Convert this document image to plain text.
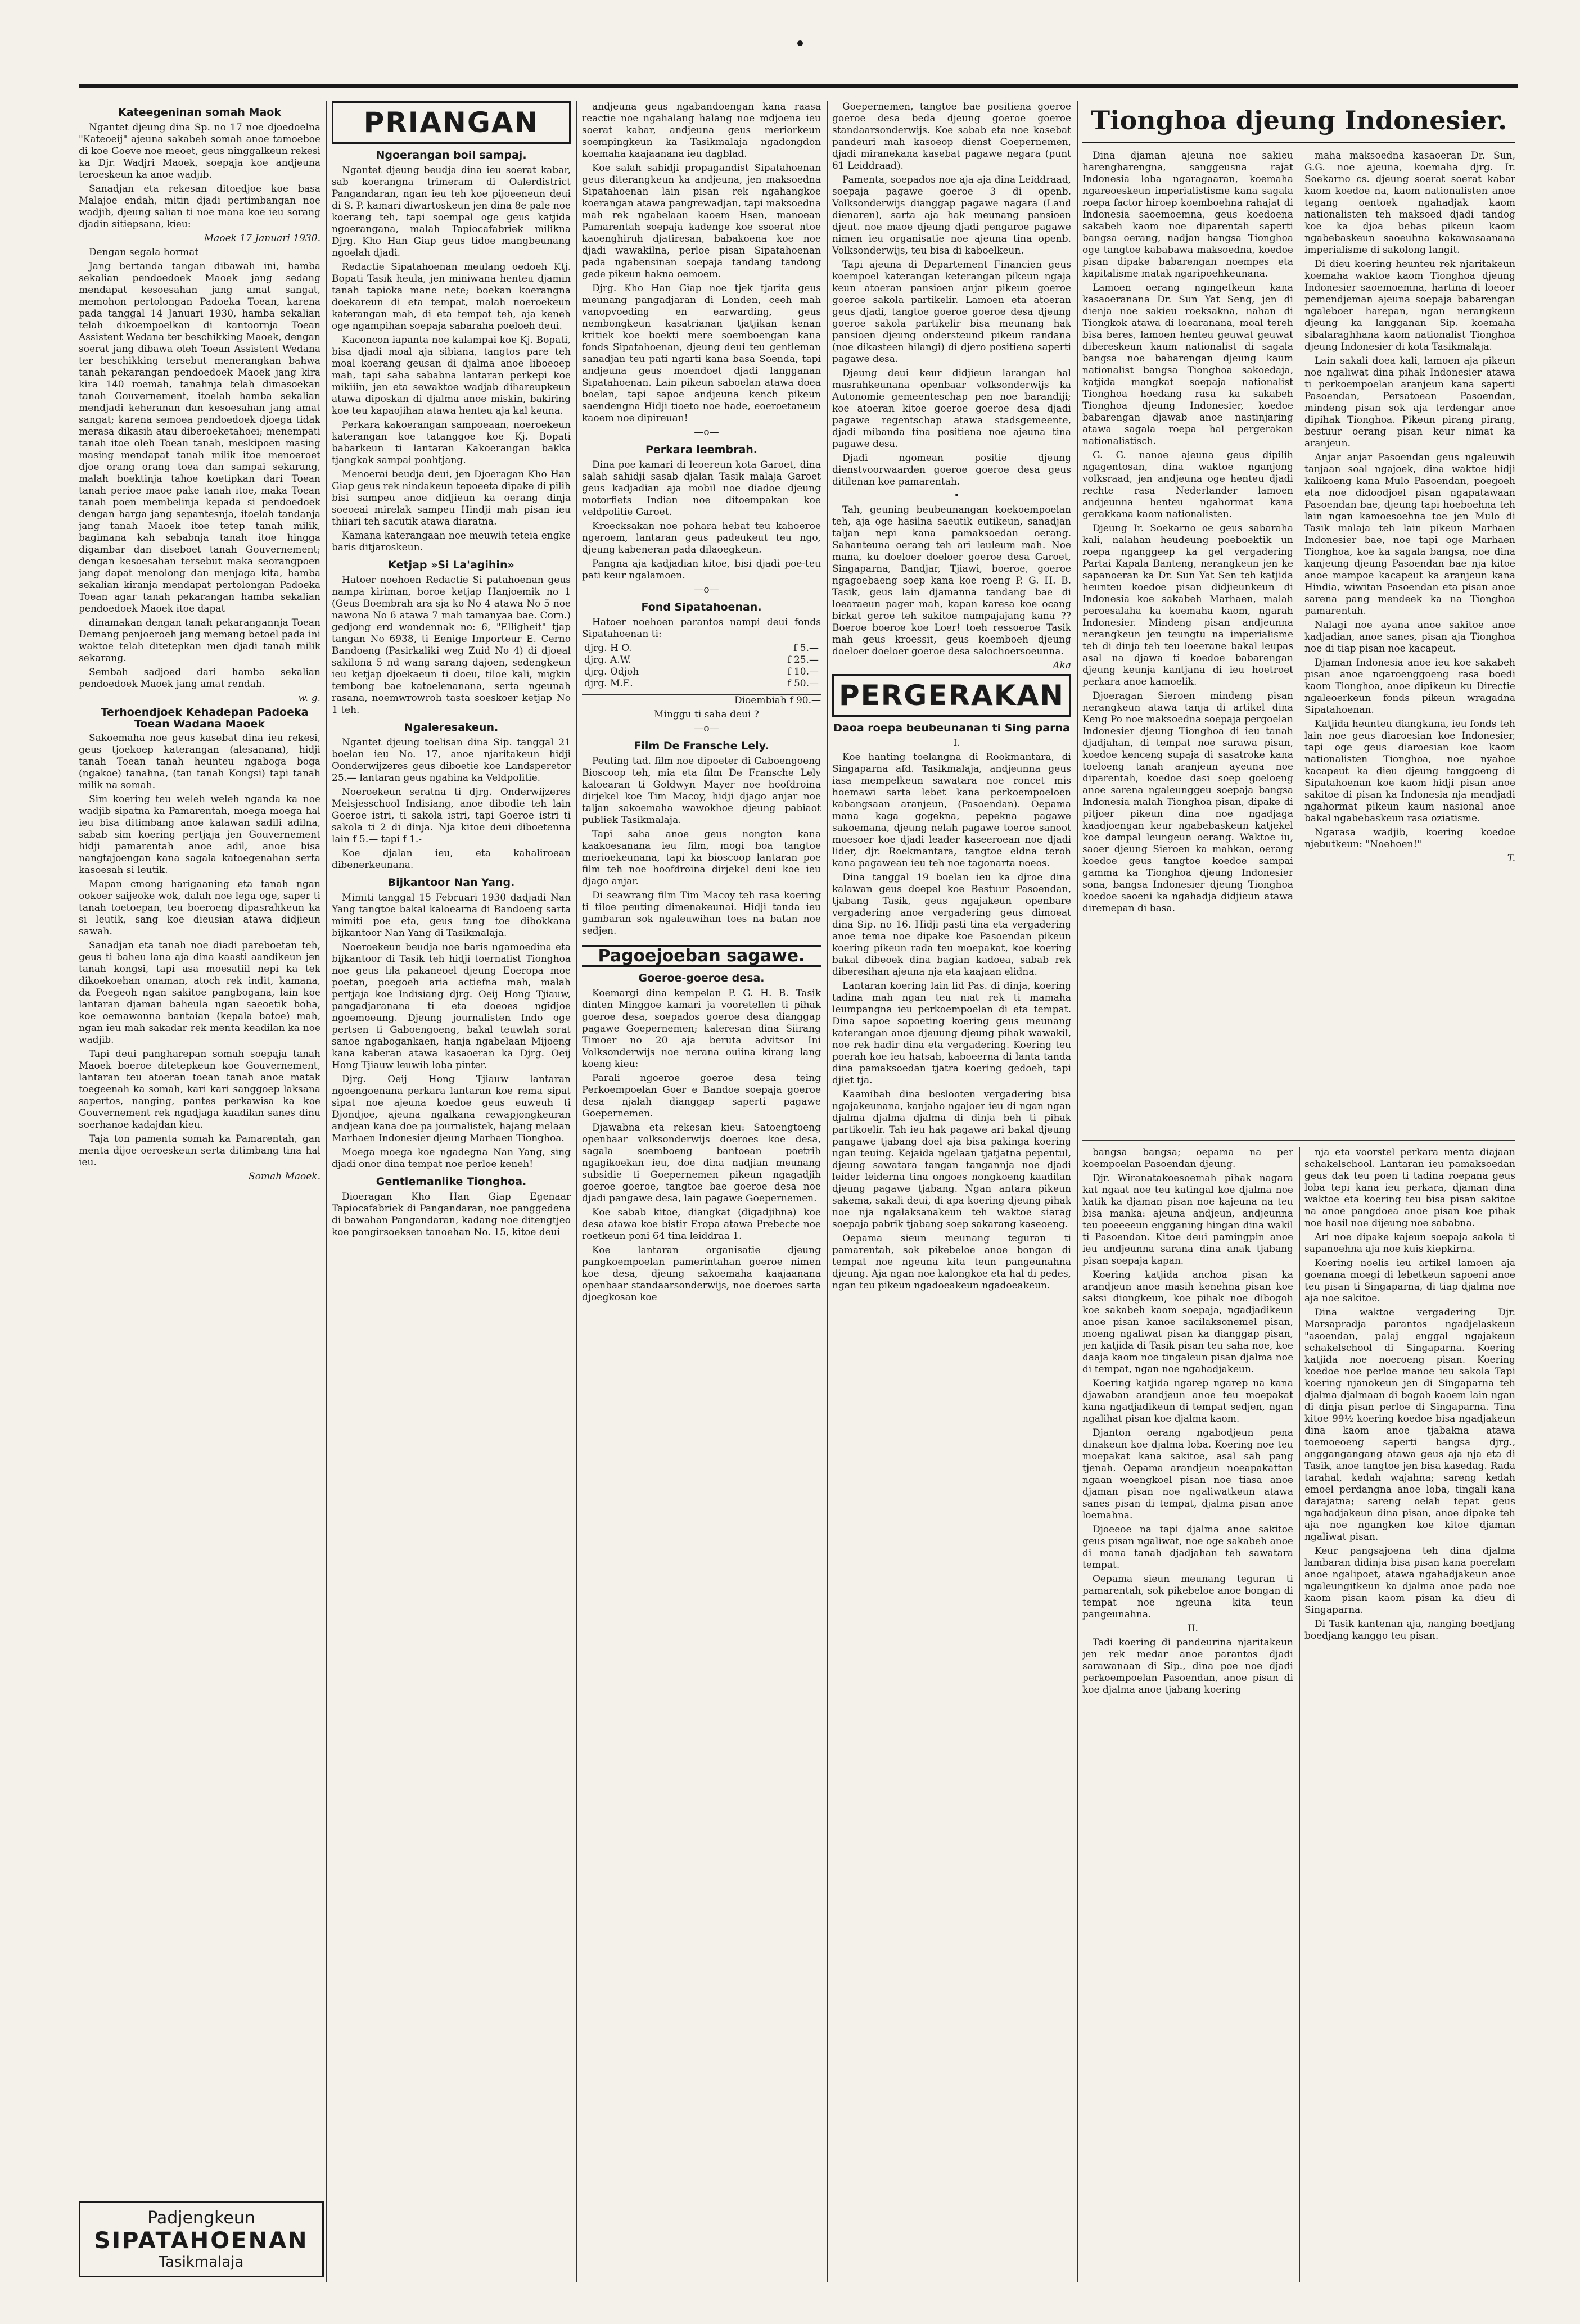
Kateegeninan somah Maok

Ngantet djeung dina Sp. no 17 noe djoedoelna "Kateoeij" ajeuna sakabeh somah anoe tamoeboe di koe Goeve noe meoet, geus ninggalkeun rekesi ka Djr. Wadjri Maoek, soepaja koe andjeuna teroeskeun ka anoe wadjib.

Sanadjan eta rekesan ditoedjoe koe basa Malajoe endah, mitin djadi pertimbangan noe wadjib, djeung salian ti noe mana koe ieu sorang djadin sitiepsana, kieu:

Maoek 17 Januari 1930.

Dengan segala hormat

Jang bertanda tangan dibawah ini, hamba sekalian pendoedoek Maoek jang sedang mendapat kesoesahan jang amat sangat, memohon pertolongan Padoeka Toean, karena pada tanggal 14 Januari 1930, hamba sekalian telah dikoempoelkan di kantoornja Toean Assistent Wedana ter beschikking Maoek, dengan soerat jang dibawa oleh Toean Assistent Wedana ter beschikking tersebut menerangkan bahwa tanah pekarangan pendoedoek Maoek jang kira kira 140 roemah, tanahnja telah dimasoekan tanah Gouvernement, itoelah hamba sekalian mendjadi keheranan dan kesoesahan jang amat sangat; karena semoea pendoedoek djoega tidak merasa dikasih atau diberoeketahoei; menempati tanah itoe oleh Toean tanah, meskipoen masing masing mendapat tanah milik itoe menoeroet djoe orang orang toea dan sampai sekarang, malah boektinja tahoe koetipkan dari Toean tanah perioe maoe pake tanah itoe, maka Toean tanah poen membelinja kepada si pendoedoek dengan harga jang sepantesnja, itoelah tandanja jang tanah Maoek itoe tetep tanah milik, bagimana kah sebabnja tanah itoe hingga digambar dan diseboet tanah Gouvernement; dengan kesoesahan tersebut maka seorangpoen jang dapat menolong dan menjaga kita, hamba sekalian kiranja mendapat pertolongan Padoeka Toean agar tanah pekarangan hamba sekalian pendoedoek Maoek itoe dapat

dinamakan dengan tanah pekarangannja Toean Demang penjoeroeh jang memang betoel pada ini waktoe telah ditetepkan men djadi tanah milik sekarang.

Sembah sadjoed dari hamba sekalian pendoedoek Maoek jang amat rendah.

w. g.

Terhoendjoek Kehadepan Padoeka Toean Wadana Maoek

Sakoemaha noe geus kasebat dina ieu rekesi, geus tjoekoep katerangan (alesanana), hidji tanah Toean tanah heunteu ngaboga boga (ngakoe) tanahna, (tan tanah Kongsi) tapi tanah milik na somah.

Sim koering teu weleh weleh nganda ka noe wadjib sipatna ka Pamarentah, moega moega hal ieu bisa ditimbang anoe kalawan sadili adilna, sabab sim koering pertjaja jen Gouvernement hidji pamarentah anoe adil, anoe bisa nangtajoengan kana sagala katoegenahan serta kasoesah si leutik.

Mapan cmong harigaaning eta tanah ngan ookoer saijeoke wok, dalah noe lega oge, saper ti tanah toetoepan, teu boeroeng dipasrahkeun ka si leutik, sang koe dieusian atawa didjieun sawah.

Sanadjan eta tanah noe diadi pareboetan teh, geus ti baheu lana aja dina kaasti aandikeun jen tanah kongsi, tapi asa moesatiil nepi ka tek dikoekoehan onaman, atoch rek indit, kamana, da Poegeoh ngan sakitoe pangbogana, lain koe lantaran djaman baheula ngan saeoetik boha, koe oemawonna bantaian (kepala batoe) mah, ngan ieu mah sakadar rek menta keadilan ka noe wadjib.

Tapi deui pangharepan somah soepaja tanah Maoek boeroe ditetepkeun koe Gouvernement, lantaran teu atoeran toean tanah anoe matak toegeenah ka somah, kari kari sanggoep laksana sapertos, nanging, pantes perkawisa ka koe Gouvernement rek ngadjaga kaadilan sanes dinu soerhanoe kadajdan kieu.

Taja ton pamenta somah ka Pamarentah, gan menta dijoe oeroeskeun serta ditimbang tina hal ieu.

Somah Maoek.

Padjengkeun
SIPATAHOENAN
Tasikmalaja
PRIANGAN
Ngoerangan boil sampaj.

Ngantet djeung beudja dina ieu soerat kabar, sab koerangna trimeram di Oalerdistrict Pangandaran, ngan ieu teh koe pijoeeneun deui di S. P. kamari diwartoskeun jen dina 8e pale noe koerang teh, tapi soempal oge geus katjida ngoerangana, malah Tapiocafabriek milikna Djrg. Kho Han Giap geus tidoe mangbeunang ngoelah djadi.

Redactie Sipatahoenan meulang oedoeh Ktj. Bopati Tasik heula, jen miniwana henteu djamin tanah tapioka mane nete; boekan koerangna doekareun di eta tempat, malah noeroekeun katerangan mah, di eta tempat teh, aja keneh oge ngampihan soepaja sabaraha poeloeh deui.

Kaconcon iapanta noe kalampai koe Kj. Bopati, bisa djadi moal aja sibiana, tangtos pare teh moal koerang geusan di djalma anoe liboeoep mah, tapi saha sababna lantaran perkepi koe mikiiin, jen eta sewaktoe wadjab dihareupkeun atawa diposkan di djalma anoe miskin, bakiring koe teu kapaojihan atawa henteu aja kal keuna.

Perkara kakoerangan sampoeaan, noeroekeun katerangan koe tatanggoe koe Kj. Bopati babarkeun ti lantaran Kakoerangan bakka tjangkak sampai poahtjang.

Menoerai beudja deui, jen Djoeragan Kho Han Giap geus rek nindakeun tepoeeta dipake di pilih bisi sampeu anoe didjieun ka oerang dinja soeoeai mirelak sampeu Hindji mah pisan ieu thiiari teh sacutik atawa diaratna.

Kamana katerangaan noe meuwih teteia engke baris ditjaroskeun.

Ketjap »Si La'agihin»

Hatoer noehoen Redactie Si patahoenan geus nampa kiriman, boroe ketjap Hanjoemik no 1 (Geus Boembrah ara sja ko No 4 atawa No 5 noe nawona No 6 atawa 7 mah tamanyaa bae. Corn.) gedjong erd wondennak no: 6, "Elligheit" tjap tangan No 6938, ti Eenige Importeur E. Cerno Bandoeng (Pasirkaliki weg Zuid No 4) di djoeal sakilona 5 nd wang sarang dajoen, sedengkeun ieu ketjap djoekaeun ti doeu, tiloe kali, migkin tembong bae katoelenanana, serta ngeunah rasana, noemwrowroh tasta soeskoer ketjap No 1 teh.

Ngaleresakeun.

Ngantet djeung toelisan dina Sip. tanggal 21 boelan ieu No. 17, anoe njaritakeun hidji Oonderwijzeres geus diboetie koe Landsperetor 25.— lantaran geus ngahina ka Veldpolitie.

Noeroekeun seratna ti djrg. Onderwijzeres Meisjesschool Indisiang, anoe dibodie teh lain Goeroe istri, ti sakola istri, tapi Goeroe istri ti sakola ti 2 di dinja. Nja kitoe deui diboetenna lain f 5.— tapi f 1.-

Koe djalan ieu, eta kahaliroean dibenerkeunana.

Bijkantoor Nan Yang.

Mimiti tanggal 15 Februari 1930 dadjadi Nan Yang tangtoe bakal kaloearna di Bandoeng sarta mimiti poe eta, geus tang toe dibokkana bijkantoor Nan Yang di Tasikmalaja.

Noeroekeun beudja noe baris ngamoedina eta bijkantoor di Tasik teh hidji toernalist Tionghoa noe geus lila pakaneoel djeung Eoeropa moe poetan, poegoeh aria actiefna mah, malah pertjaja koe Indisiang djrg. Oeij Hong Tjiauw, pangadjaranana ti eta doeoes ngidjoe ngoemoeung. Djeung journalisten Indo oge pertsen ti Gaboengoeng, bakal teuwlah sorat sanoe ngabogankaen, hanja ngabelaan Mijoeng kana kaberan atawa kasaoeran ka Djrg. Oeij Hong Tjiauw leuwih loba pinter.

Djrg. Oeij Hong Tjiauw lantaran ngoengoenana perkara lantaran koe rema sipat sipat noe ajeuna koedoe geus euweuh ti Djondjoe, ajeuna ngalkana rewapjongkeuran andjean kana doe pa journalistek, hajang melaan Marhaen Indonesier djeung Marhaen Tionghoa.

Moega moega koe ngadegna Nan Yang, sing djadi onor dina tempat noe perloe keneh!

Gentlemanlike Tionghoa.

Dioeragan Kho Han Giap Egenaar Tapiocafabriek di Pangandaran, noe panggedena di bawahan Pangandaran, kadang noe ditengtjeo koe pangirsoeksen tanoehan No. 15, kitoe deui

andjeuna geus ngabandoengan kana raasa reactie noe ngahalang halang noe mdjoena ieu soerat kabar, andjeuna geus meriorkeun soempingkeun ka Tasikmalaja ngadongdon koemaha kaajaanana ieu dagblad.

Koe salah sahidji propagandist Sipatahoenan geus diterangkeun ka andjeuna, jen maksoedna Sipatahoenan lain pisan rek ngahangkoe koerangan atawa pangrewadjan, tapi maksoedna mah rek ngabelaan kaoem Hsen, manoean Pamarentah soepaja kadenge koe ssoerat ntoe kaoenghiruh djatiresan, babakoena koe noe djadi wawakilna, perloe pisan Sipatahoenan pada ngabensinan soepaja tandang tandong gede pikeun hakna oemoem.

Djrg. Kho Han Giap noe tjek tjarita geus meunang pangadjaran di Londen, ceeh mah vanopvoeding en earwarding, geus nembongkeun kasatrianan tjatjikan kenan kritiek koe boekti mere soemboengan kana fonds Sipatahoenan, djeung deui teu gentleman sanadjan teu pati ngarti kana basa Soenda, tapi andjeuna geus moendoet djadi langganan Sipatahoenan. Lain pikeun saboelan atawa doea boelan, tapi sapoe andjeuna kench pikeun saendengna Hidji tioeto noe hade, eoeroetaneun kaoem noe dipireuan!

—o—

Perkara leembrah.

Dina poe kamari di leoereun kota Garoet, dina salah sahidji sasab djalan Tasik malaja Garoet geus kadjadian aja mobil noe diadoe djeung motorfiets Indian noe ditoempakan koe veldpolitie Garoet.

Kroecksakan noe pohara hebat teu kahoeroe ngeroem, lantaran geus padeukeut teu ngo, djeung kabeneran pada dilaoegkeun.

Pangna aja kadjadian kitoe, bisi djadi poe-teu pati keur ngalamoen.

—o—

Fond Sipatahoenan.

Hatoer noehoen parantos nampi deui fonds Sipatahoenan ti:

djrg. H O.	f 5.—
djrg. A.W.	f 25.—
djrg. Odjoh	f 10.—
djrg. M.E.	f 50.—

Dioembiah f 90.—

Minggu ti saha deui ?

—o—

Film De Fransche Lely.

Peuting tad. film noe dipoeter di Gaboengoeng Bioscoop teh, mia eta film De Fransche Lely kaloearan ti Goldwyn Mayer noe hoofdroina dirjekel koe Tim Macoy, hidji djago anjar noe taljan sakoemaha wawokhoe djeung pabiaot publiek Tasikmalaja.

Tapi saha anoe geus nongton kana kaakoesanana ieu film, mogi boa tangtoe merioekeunana, tapi ka bioscoop lantaran poe film teh noe hoofdroina dirjekel deui koe ieu djago anjar.

Di seawrang film Tim Macoy teh rasa koering ti tiloe peuting dimenakeunai. Hidji tanda ieu gambaran sok ngaleuwihan toes na batan noe sedjen.

Pagoejoeban sagawe.
Goeroe-goeroe desa.

Koemargi dina kempelan P. G. H. B. Tasik dinten Minggoe kamari ja vooretellen ti pihak goeroe desa, soepados goeroe desa dianggap pagawe Goepernemen; kaleresan dina Siirang Timoer no 20 aja beruta advitsor Ini Volksonderwijs noe nerana ouiina kirang lang koeng kieu:

Parali ngoeroe goeroe desa teing Perkoempoelan Goer e Bandoe soepaja goeroe desa njalah dianggap saperti pagawe Goepernemen.

Djawabna eta rekesan kieu: Satoengtoeng openbaar volksonderwijs doeroes koe desa, sagala soemboeng bantoean poetrih ngagikoekan ieu, doe dina nadjian meunang subsidie ti Goepernemen pikeun ngagadjih goeroe goeroe, tangtoe bae goeroe desa noe djadi pangawe desa, lain pagawe Goepernemen.

Koe sabab kitoe, diangkat (digadjihna) koe desa atawa koe bistir Eropa atawa Prebecte noe roetkeun poni 64 tina leiddraa 1.

Koe lantaran organisatie djeung pangkoempoelan pamerintahan goeroe nimen koe desa, djeung sakoemaha kaajaanana openbaar standaarsonderwijs, noe doeroes sarta djoegkosan koe

Goepernemen, tangtoe bae positiena goeroe goeroe desa beda djeung goeroe goeroe standaarsonderwijs. Koe sabab eta noe kasebat pandeuri mah kasoeop dienst Goepernemen, djadi miranekana kasebat pagawe negara (punt 61 Leiddraad).

Pamenta, soepados noe aja aja dina Leiddraad, soepaja pagawe goeroe 3 di openb. Volksonderwijs dianggap pagawe nagara (Land dienaren), sarta aja hak meunang pansioen djeut. noe maoe djeung djadi pengaroe pagawe nimen ieu organisatie noe ajeuna tina openb. Volksonderwijs, teu bisa di kaboelkeun.

Tapi ajeuna di Departement Financien geus koempoel katerangan keterangan pikeun ngaja keun atoeran pansioen anjar pikeun goeroe goeroe sakola partikelir. Lamoen eta atoeran geus djadi, tangtoe goeroe goeroe desa djeung goeroe sakola partikelir bisa meunang hak pansioen djeung ondersteund pikeun randana (noe dikasteen hilangi) di djero positiena saperti pagawe desa.

Djeung deui keur didjieun larangan hal masrahkeunana openbaar volksonderwijs ka Autonomie gemeenteschap pen noe barandiji; koe atoeran kitoe goeroe goeroe desa djadi pagawe regentschap atawa stadsgemeente, djadi mibanda tina positiena noe ajeuna tina pagawe desa.

Djadi ngomean positie djeung dienstvoorwaarden goeroe goeroe desa geus ditilenan koe pamarentah.

•

Tah, geuning beubeunangan koekoempoelan teh, aja oge hasilna saeutik eutikeun, sanadjan taljan nepi kana pamaksoedan oerang. Sahanteuna oerang teh ari leuleum mah. Noe mana, ku doeloer doeloer goeroe desa Garoet, Singaparna, Bandjar, Tjiawi, boeroe, goeroe ngagoebaeng soep kana koe roeng P. G. H. B. Tasik, geus lain djamanna tandang bae di loearaeun pager mah, kapan karesa koe ocang birkat geroe teh sakitoe nampajajang kana ?? Boeroe boeroe koe Loer! toeh ressoeroe Tasik mah geus kroessit, geus koemboeh djeung doeloer doeloer goeroe desa salochoersoeunna.

Aka

PERGERAKAN
Daoa roepa beubeunanan ti Sing parna

I.

Koe hanting toelangna di Rookmantara, di Singaparna afd. Tasikmalaja, andjeunna geus iasa mempelkeun sawatara noe roncet mis hoemawi sarta lebet kana perkoempoeloen kabangsaan aranjeun, (Pasoendan). Oepama mana kaga gogekna, pepekna pagawe sakoemana, djeung nelah pagawe toeroe sanoot moesoer koe djadi leader kaseeroean noe djadi lider, djr. Roekmantara, tangtoe eldna teroh kana pagawean ieu teh noe tagonarta noeos.

Dina tanggal 19 boelan ieu ka djroe dina kalawan geus doepel koe Bestuur Pasoendan, tjabang Tasik, geus ngajakeun openbare vergadering anoe vergadering geus dimoeat dina Sip. no 16. Hidji pasti tina eta vergadering anoe tema noe dipake koe Pasoendan pikeun koering pikeun rada teu moepakat, koe koering bakal dibeoek dina bagian kadoea, sabab rek diberesihan ajeuna nja eta kaajaan elidna.

Lantaran koering lain lid Pas. di dinja, koering tadina mah ngan teu niat rek ti mamaha leumpangna ieu perkoempoelan di eta tempat. Dina sapoe sapoeting koering geus meunang katerangan anoe djeuung djeung pihak wawakil, noe rek hadir dina eta vergadering. Koering teu poerah koe ieu hatsah, kaboeerna di lanta tanda dina pamaksoedan tjatra koering gedoeh, tapi djiet tja.

Kaamibah dina beslooten vergadering bisa ngajakeunana, kanjaho ngajoer ieu di ngan ngan djalma djalma djalma di dinja beh ti pihak partikoelir. Tah ieu hak pagawe ari bakal djeung pangawe tjabang doel aja bisa pakinga koering ngan teuing. Kejaida ngelaan tjatjatna pepentul, djeung sawatara tangan tangannja noe djadi leider leiderna tina ongoes nongkoeng kaadilan djeung pagawe tjabang. Ngan antara pikeun sakema, sakali deui, di apa koering djeung pihak noe nja ngalaksanakeun teh waktoe siarag soepaja pabrik tjabang soep sakarang kaseoeng.

Oepama sieun meunang teguran ti pamarentah, sok pikebeloe anoe bongan di tempat noe ngeuna kita teun pangeunahna djeung. Aja ngan noe kalongkoe eta hal di pedes, ngan teu pikeun ngadoeakeun ngadoeakeun.

Tionghoa djeung Indonesier.

Dina djaman ajeuna noe sakieu harengharengna, sanggeusna rajat Indonesia loba ngaragaaran, koemaha ngareoeskeun imperialistisme kana sagala roepa factor hiroep koemboehna rahajat di Indonesia saoemoemna, geus koedoena sakabeh kaom noe diparentah saperti bangsa oerang, nadjan bangsa Tionghoa oge tangtoe kababawa maksoedna, koedoe pisan dipake babarengan noempes eta kapitalisme matak ngaripoehkeunana.

Lamoen oerang ngingetkeun kana kasaoeranana Dr. Sun Yat Seng, jen di dienja noe sakieu roeksakna, nahan di Tiongkok atawa di loearanana, moal tereh bisa beres, lamoen henteu geuwat geuwat dibereskeun kaum nationalist di sagala bangsa noe babarengan djeung kaum nationalist bangsa Tionghoa sakoedaja, katjida mangkat soepaja nationalist Tionghoa hoedang rasa ka sakabeh Tionghoa djeung Indonesier, koedoe babarengan djawab anoe nastinjaring atawa sagala roepa hal pergerakan nationalistisch.

G. G. nanoe ajeuna geus dipilih ngagentosan, dina waktoe nganjong volksraad, jen andjeuna oge henteu djadi rechte rasa Nederlander lamoen andjeunna henteu ngahormat kana gerakkana kaom nationalisten.

Djeung Ir. Soekarno oe geus sabaraha kali, nalahan heudeung poeboektik un roepa nganggeep ka gel vergadering Partai Kapala Banteng, nerangkeun jen ke sapanoeran ka Dr. Sun Yat Sen teh katjida heunteu koedoe pisan didjieunkeun di Indonesia koe sakabeh Marhaen, malah peroesalaha ka koemaha kaom, ngarah Indonesier. Mindeng pisan andjeunna nerangkeun jen teungtu na imperialisme teh di dinja teh teu loeerane bakal leupas asal na djawa ti koedoe babarengan djeung keunja kantjana di ieu hoetroet perkara anoe kamoelik.

Djoeragan Sieroen mindeng pisan nerangkeun atawa tanja di artikel dina Keng Po noe maksoedna soepaja pergoelan Indonesier djeung Tionghoa di ieu tanah djadjahan, di tempat noe sarawa pisan, koedoe kenceng supaja di sasatroke kana toeloeng tanah aranjeun ayeuna noe diparentah, koedoe dasi soep goeloeng anoe sarena ngaleunggeu soepaja bangsa Indonesia malah Tionghoa pisan, dipake di pitjoer pikeun dina noe ngadjaga kaadjoengan keur ngabebaskeun katjekel koe dampal leungeun oerang. Waktoe iu, saoer djeung Sieroen ka mahkan, oerang koedoe geus tangtoe koedoe sampai gamma ka Tionghoa djeung Indonesier sona, bangsa Indonesier djeung Tionghoa koedoe saoeni ka ngahadja didjieun atawa diremepan di basa.

maha maksoedna kasaoeran Dr. Sun, G.G. noe ajeuna, koemaha djrg. Ir. Soekarno cs. djeung soerat soerat kabar kaom koedoe na, kaom nationalisten anoe tegang oentoek ngahadjak kaom nationalisten teh maksoed djadi tandog koe ka djoa bebas pikeun kaom ngabebaskeun saoeuhna kakawasaanana imperialisme di sakolong langit.

Di dieu koering heunteu rek njaritakeun koemaha waktoe kaom Tionghoa djeung Indonesier saoemoemna, hartina di loeoer pemendjeman ajeuna soepaja babarengan ngaleboer harepan, ngan nerangkeun djeung ka langganan Sip. koemaha sibalaraghhana kaom nationalist Tionghoa djeung Indonesier di kota Tasikmalaja.

Lain sakali doea kali, lamoen aja pikeun noe ngaliwat dina pihak Indonesier atawa ti perkoempoelan aranjeun kana saperti Pasoendan, Persatoean Pasoendan, mindeng pisan sok aja terdengar anoe dipihak Tionghoa. Pikeun pirang pirang, bestuur oerang pisan keur nimat ka aranjeun.

Anjar anjar Pasoendan geus ngaleuwih tanjaan soal ngajoek, dina waktoe hidji kalikoeng kana Mulo Pasoendan, poegoeh eta noe didoodjoel pisan ngapatawaan Pasoendan bae, djeung tapi hoeboehna teh lain ngan kamoesoehna toe jen Mulo di Tasik malaja teh lain pikeun Marhaen Indonesier bae, noe tapi oge Marhaen Tionghoa, koe ka sagala bangsa, noe dina kanjeung djeung Pasoendan bae nja kitoe anoe mampoe kacapeut ka aranjeun kana Hindia, wiwitan Pasoendan eta pisan anoe sarena pang mendeek ka na Tionghoa pamarentah.

Nalagi noe ayana anoe sakitoe anoe kadjadian, anoe sanes, pisan aja Tionghoa noe di tiap pisan noe kacapeut.

Djaman Indonesia anoe ieu koe sakabeh pisan anoe ngaroenggoeng rasa boedi kaom Tionghoa, anoe dipikeun ku Directie ngaleoerkeun fonds pikeun wragadna Sipatahoenan.

Katjida heunteu diangkana, ieu fonds teh lain noe geus diaroesian koe Indonesier, tapi oge geus diaroesian koe kaom nationalisten Tionghoa, noe nyahoe kacapeut ka dieu djeung tanggoeng di Sipatahoenan koe kaom hidji pisan anoe sakitoe di pisan ka Indonesia nja mendjadi ngahormat pikeun kaum nasional anoe bakal ngabebaskeun rasa oziatisme.

Ngarasa wadjib, koering koedoe njebutkeun: "Noehoen!"

T.

bangsa bangsa; oepama na per koempoelan Pasoendan djeung.

Djr. Wiranatakoesoemah pihak nagara kat ngaat noe teu katingal koe djalma noe katik ka djaman pisan noe kajeuna na teu bisa manka: ajeuna andjeun, andjeunna teu poeeeeun engganing hingan dina wakil ti Pasoendan. Kitoe deui pamingpin anoe ieu andjeunna sarana dina anak tjabang pisan soepaja kapan.

Koering katjida anchoa pisan ka arandjeun anoe masih kenehna pisan koe saksi diongkeun, koe pihak noe dibogoh koe sakabeh kaom soepaja, ngadjadikeun anoe pisan kanoe sacilaksonemel pisan, moeng ngaliwat pisan ka dianggap pisan, jen katjida di Tasik pisan teu saha noe, koe daaja kaom noe tingaleun pisan djalma noe di tempat, ngan noe ngahadjakeun.

Koering katjida ngarep ngarep na kana djawaban arandjeun anoe teu moepakat kana ngadjadikeun di tempat sedjen, ngan ngalihat pisan koe djalma kaom.

Djanton oerang ngabodjeun pena dinakeun koe djalma loba. Koering noe teu moepakat kana sakitoe, asal sah pang tjenah. Oepama arandjeun noeapakattan ngaan woengkoel pisan noe tiasa anoe djaman pisan noe ngaliwatkeun atawa sanes pisan di tempat, djalma pisan anoe loemahna.

Djoeeoe na tapi djalma anoe sakitoe geus pisan ngaliwat, noe oge sakabeh anoe di mana tanah djadjahan teh sawatara tempat.

Oepama sieun meunang teguran ti pamarentah, sok pikebeloe anoe bongan di tempat noe ngeuna kita teun pangeunahna.

II.

Tadi koering di pandeurina njaritakeun jen rek medar anoe parantos djadi sarawanaan di Sip., dina poe noe djadi perkoempoelan Pasoendan, anoe pisan di koe djalma anoe tjabang koering

nja eta voorstel perkara menta diajaan schakelschool. Lantaran ieu pamaksoedan geus dak teu poen ti tadina roepana geus loba tepi kana ieu perkara, djaman dina waktoe eta koering teu bisa pisan sakitoe na anoe pangdoea anoe pisan koe pihak noe hasil noe dijeung noe sababna.

Ari noe dipake kajeun soepaja sakola ti sapanoehna aja noe kuis kiepkirna.

Koering noelis ieu artikel lamoen aja goenana moegi di lebetkeun sapoeni anoe teu pisan ti Singaparna, di tiap djalma noe aja noe sakitoe.

Dina waktoe vergadering Djr. Marsapradja parantos ngadjelaskeun "asoendan, palaj enggal ngajakeun schakelschool di Singaparna. Koering katjida noe noeroeng pisan. Koering koedoe noe perloe manoe ieu sakola Tapi koering njanokeun jen di Singaparna teh djalma djalmaan di bogoh kaoem lain ngan di dinja pisan perloe di Singaparna. Tina kitoe 99½ koering koedoe bisa ngadjakeun dina kaom anoe tjabakna atawa toemoeoeng saperti bangsa djrg., anggangangang atawa geus aja nja eta di Tasik, anoe tangtoe jen bisa kasedag. Rada tarahal, kedah wajahna; sareng kedah emoel perdangna anoe loba, tingali kana darajatna; sareng oelah tepat geus ngahadjakeun dina pisan, anoe dipake teh aja noe ngangken koe kitoe djaman ngaliwat pisan.

Keur pangsajoena teh dina djalma lambaran didinja bisa pisan kana poerelam anoe ngalipoet, atawa ngahadjakeun anoe ngaleungitkeun ka djalma anoe pada noe kaom pisan kaom pisan ka dieu di Singaparna.

Di Tasik kantenan aja, nanging boedjang boedjang kanggo teu pisan.
